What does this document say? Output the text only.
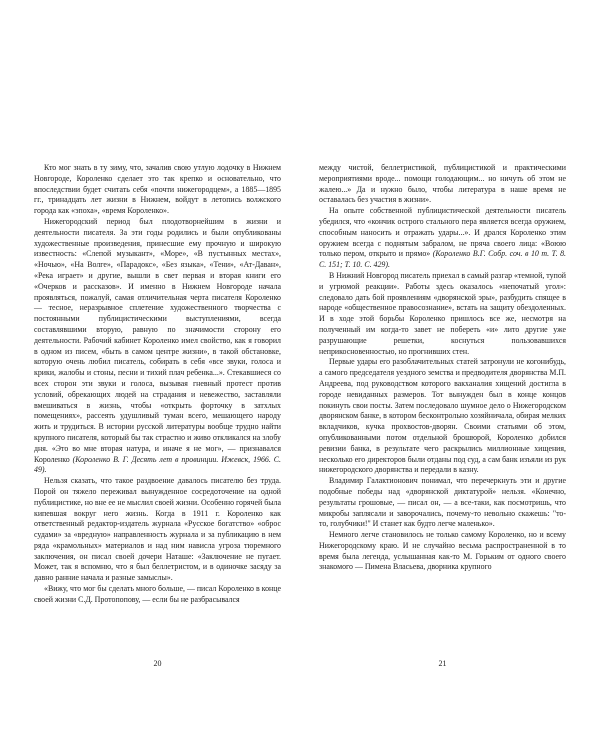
Кто мог знать в ту зиму, что, зачалив свою утлую лодочку в Нижнем Новгороде, Короленко сделает это так крепко и основательно, что впоследствии будет считать себя «почти нижегородцем», а 1885—1895 гг., тринадцать лет жизни в Нижнем, войдут в летопись волжского города как «эпоха», «время Короленко».

Нижегородский период был плодотворнейшим в жизни и деятельности писателя. За эти годы родились и были опубликованы художественные произведения, принесшие ему прочную и широкую известность: «Слепой музыкант», «Море», «В пустынных местах», «Ночью», «На Волге», «Парадокс», «Без языка», «Тени», «Ат-Даван», «Река играет» и другие, вышли в свет первая и вторая книги его «Очерков и рассказов». И именно в Нижнем Новгороде начала проявляться, пожалуй, самая отличительная черта писателя Короленко — тесное, неразрывное сплетение художественного творчества с постоянными публицистическими выступлениями, всегда составлявшими вторую, равную по значимости сторону его деятельности. Рабочий кабинет Короленко имел свойство, как я говорил в одном из писем, «быть в самом центре жизни», в такой обстановке, которую очень любил писатель, собирать в себя «все звуки, голоса и крики, жалобы и стоны, песни и тихий плач ребенка...». Стекавшиеся со всех сторон эти звуки и голоса, вызывая гневный протест против условий, обрекающих людей на страдания и невежество, заставляли вмешиваться в жизнь, чтобы «открыть форточку в затхлых помещениях», рассеять удушливый туман всего, мешающего народу жить и трудиться. В истории русской литературы вообще трудно найти крупного писателя, который бы так страстно и живо откликался на злобу дня. «Это во мне вторая натура, и иначе я не мог», — признавался Короленко (Короленко В. Г. Десять лет в провинции. Ижевск, 1966. С. 49).

Нельзя сказать, что такое раздвоение давалось писателю без труда. Порой он тяжело переживал вынужденное сосредоточение на одной публицистике, но вне ее не мыслил своей жизни. Особенно горячей была кипевшая вокруг него жизнь. Когда в 1911 г. Короленко как ответственный редактор-издатель журнала «Русское богатство» «оброс судами» за «вредную» направленность журнала и за публикацию в нем ряда «крамольных» материалов и над ним нависла угроза тюремного заключения, он писал своей дочери Наташе: «Заключение не пугает. Может, так я вспомню, что я был беллетристом, и в одиночке засяду за давно ранние начала и разные замыслы».

«Вижу, что мог бы сделать много больше, — писал Короленко в конце своей жизни С.Д. Протопопову, — если бы не разбрасывался

20

между чистой, беллетристикой, публицистикой и практическими мероприятиями вроде... помощи голодающим... но ничуть об этом не жалею...» Да и нужно было, чтобы литература в наше время не оставалась без участия в жизни».

На опыте собственной публицистической деятельности писатель убедился, что «кончик острого стального пера является всегда оружием, способным наносить и отражать удары...». И дрался Короленко этим оружием всегда с поднятым забралом, не пряча своего лица: «Воюю только пером, открыто и прямо» (Короленко В.Г. Собр. соч. в 10 т. Т. 8. С. 151; Т. 10. С. 429).

В Нижний Новгород писатель приехал в самый разгар «темной, тупой и угрюмой реакции». Работы здесь оказалось «непочатый угол»: следовало дать бой проявлениям «дворянской эры», разбудить спящее в народе «общественное правосознание», встать на защиту обездоленных. И в ходе этой борьбы Короленко пришлось все же, несмотря на полученный им когда-то завет не побереть «и» лито другие уже разрушающие решетки, коснуться пользовавшихся неприкосновенностью, но прогнивших стен.

Первые удары его разоблачительных статей затронули не когонибудь, а самого председателя уездного земства и предводителя дворянства М.П. Андреева, под руководством которого вакханалия хищений достигла в городе невиданных размеров. Тот вынужден был в конце концов покинуть свои посты. Затем последовало шумное дело о Нижегородском дворянском банке, в котором бесконтрольно хозяйничала, обирая мелких вкладчиков, кучка прохвостов-дворян. Своими статьями об этом, опубликованными потом отдельной брошюрой, Короленко добился ревизии банка, в результате чего раскрылись миллионные хищения, несколько его директоров были отданы под суд, а сам банк изъяли из рук нижегородского дворянства и передали в казну.

Владимир Галактионович понимал, что перечеркнуть эти и другие подобные победы над «дворянской диктатурой» нельзя. «Конечно, результаты грошовые, — писал он, — а все-таки, как посмотришь, что микробы заплясали и заворочались, почему-то невольно скажешь: "то-то, голубчики!" И станет как будто легче маленько».

Немного легче становилось не только самому Короленко, но и всему Нижегородскому краю. И не случайно весьма распространенной в то время была легенда, услышанная как-то М. Горьким от одного своего знакомого — Пимена Власьева, дворника крупного

21
